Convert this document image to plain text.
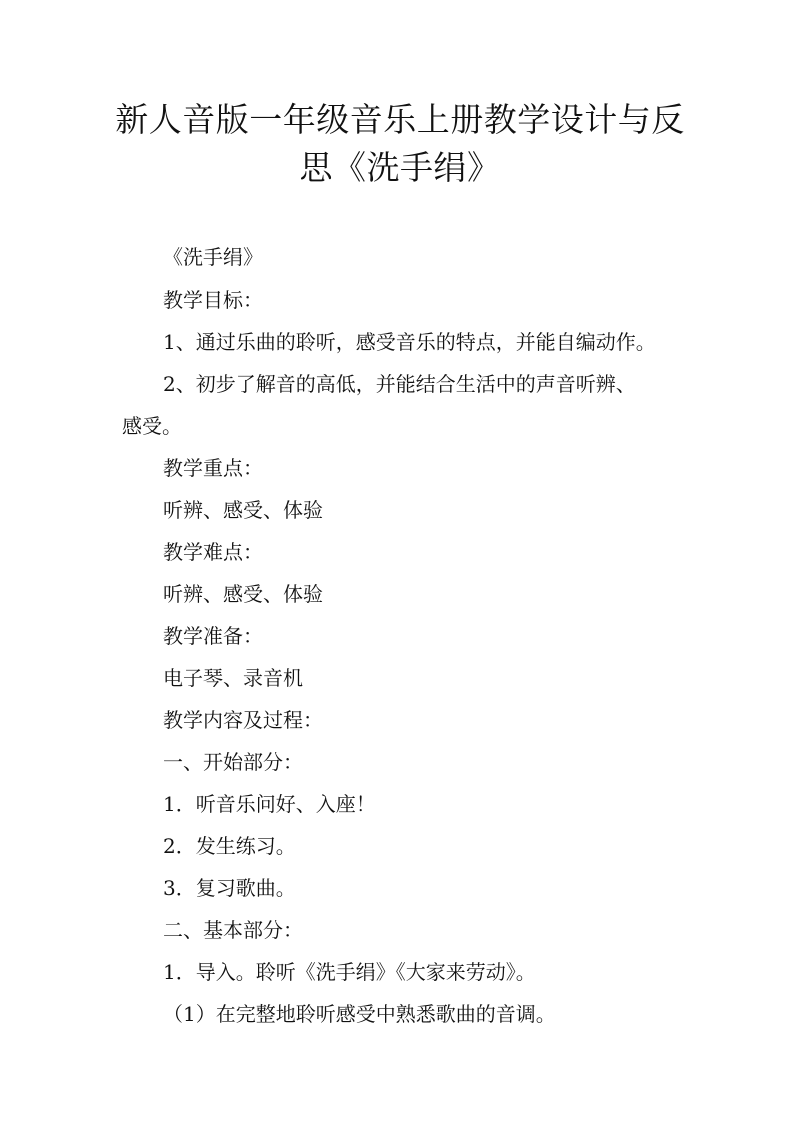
新人音版一年级音乐上册教学设计与反
思《洗手绢》

《洗手绢》

教学目标：

1、通过乐曲的聆听，感受音乐的特点，并能自编动作。

2、初步了解音的高低，并能结合生活中的声音听辨、

感受。

教学重点：

听辨、感受、体验

教学难点：

听辨、感受、体验

教学准备：

电子琴、录音机

教学内容及过程：

一、开始部分：

1．听音乐问好、入座！

2．发生练习。

3．复习歌曲。

二、基本部分：

1．导入。聆听《洗手绢》《大家来劳动》。

（1）在完整地聆听感受中熟悉歌曲的音调。
